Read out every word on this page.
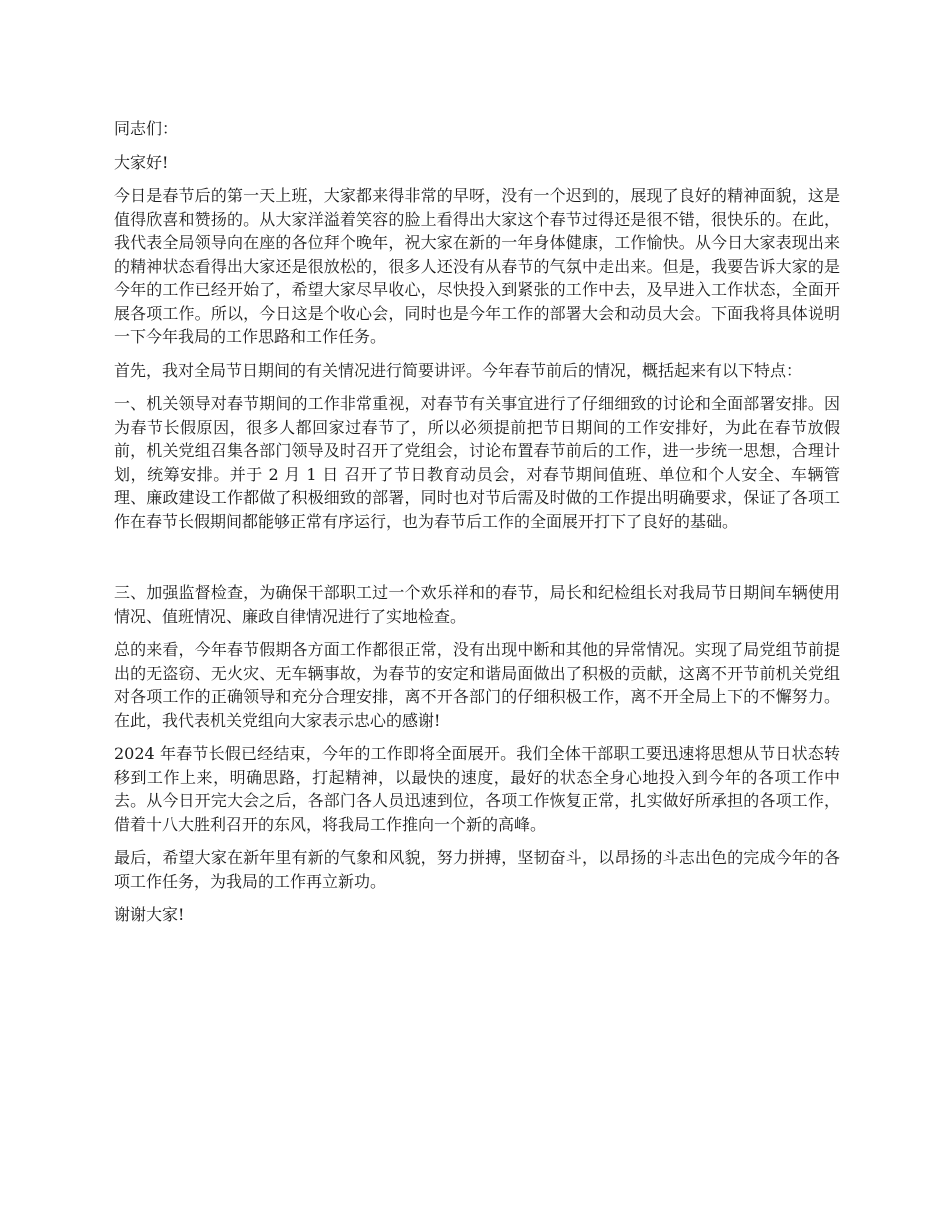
同志们：

大家好!

今日是春节后的第一天上班，大家都来得非常的早呀，没有一个迟到的，展现了良好的精神面貌，这是值得欣喜和赞扬的。从大家洋溢着笑容的脸上看得出大家这个春节过得还是很不错，很快乐的。在此，我代表全局领导向在座的各位拜个晚年，祝大家在新的一年身体健康，工作愉快。从今日大家表现出来的精神状态看得出大家还是很放松的，很多人还没有从春节的气氛中走出来。但是，我要告诉大家的是今年的工作已经开始了，希望大家尽早收心，尽快投入到紧张的工作中去，及早进入工作状态，全面开展各项工作。所以，今日这是个收心会，同时也是今年工作的部署大会和动员大会。下面我将具体说明一下今年我局的工作思路和工作任务。

首先，我对全局节日期间的有关情况进行简要讲评。今年春节前后的情况，概括起来有以下特点：

一、机关领导对春节期间的工作非常重视，对春节有关事宜进行了仔细细致的讨论和全面部署安排。因为春节长假原因，很多人都回家过春节了，所以必须提前把节日期间的工作安排好，为此在春节放假前，机关党组召集各部门领导及时召开了党组会，讨论布置春节前后的工作，进一步统一思想，合理计划，统筹安排。并于 2 月 1 日 召开了节日教育动员会，对春节期间值班、单位和个人安全、车辆管理、廉政建设工作都做了积极细致的部署，同时也对节后需及时做的工作提出明确要求，保证了各项工作在春节长假期间都能够正常有序运行，也为春节后工作的全面展开打下了良好的基础。

三、加强监督检查，为确保干部职工过一个欢乐祥和的春节，局长和纪检组长对我局节日期间车辆使用情况、值班情况、廉政自律情况进行了实地检查。

总的来看，今年春节假期各方面工作都很正常，没有出现中断和其他的异常情况。实现了局党组节前提出的无盗窃、无火灾、无车辆事故，为春节的安定和谐局面做出了积极的贡献，这离不开节前机关党组对各项工作的正确领导和充分合理安排，离不开各部门的仔细积极工作，离不开全局上下的不懈努力。在此，我代表机关党组向大家表示忠心的感谢!

2024 年春节长假已经结束，今年的工作即将全面展开。我们全体干部职工要迅速将思想从节日状态转移到工作上来，明确思路，打起精神，以最快的速度，最好的状态全身心地投入到今年的各项工作中去。从今日开完大会之后，各部门各人员迅速到位，各项工作恢复正常，扎实做好所承担的各项工作，借着十八大胜利召开的东风，将我局工作推向一个新的高峰。

最后，希望大家在新年里有新的气象和风貌，努力拼搏，坚韧奋斗，以昂扬的斗志出色的完成今年的各项工作任务，为我局的工作再立新功。

谢谢大家!
